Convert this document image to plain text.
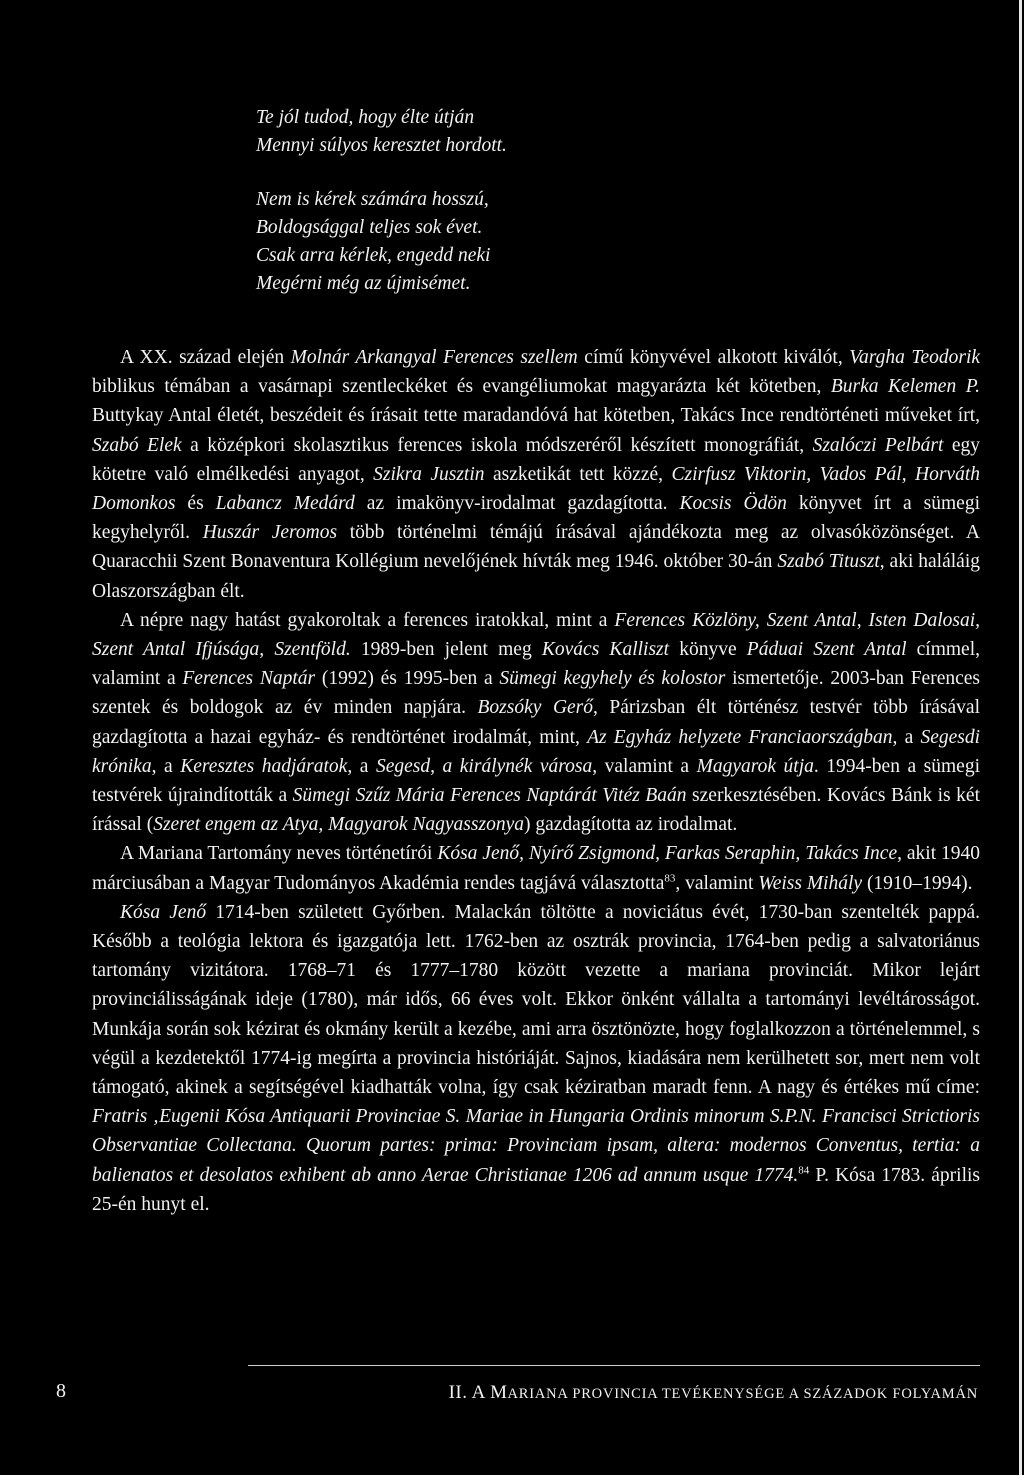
Te jól tudod, hogy élte útján
Mennyi súlyos keresztet hordott.
Nem is kérek számára hosszú,
Boldogsággal teljes sok évet.
Csak arra kérlek, engedd neki
Megérni még az újmisémet.

A XX. század elején Molnár Arkangyal Ferences szellem című könyvével alkotott kiválót, Vargha Teodorik biblikus témában a vasárnapi szentleckéket és evangéliumokat magyarázta két kötetben, Burka Kelemen P. Buttykay Antal életét, beszédeit és írásait tette maradandóvá hat kötetben, Takács Ince rendtörténeti műveket írt, Szabó Elek a középkori skolasztikus ferences iskola módszeréről készített monográfiát, Szalóczi Pelbárt egy kötetre való elmélkedési anyagot, Szikra Jusztin aszketikát tett közzé, Czirfusz Viktorin, Vados Pál, Horváth Domonkos és Labancz Medárd az imakönyv-irodalmat gazdagította. Kocsis Ödön könyvet írt a sümegi kegyhelyről. Huszár Jeromos több történelmi témájú írásával ajándékozta meg az olvasóközönséget. A Quaracchii Szent Bonaventura Kollégium nevelőjének hívták meg 1946. október 30-án Szabó Tituszt, aki haláláig Olaszországban élt.

A népre nagy hatást gyakoroltak a ferences iratokkal, mint a Ferences Közlöny, Szent Antal, Isten Dalosai, Szent Antal Ifjúsága, Szentföld. 1989-ben jelent meg Kovács Kalliszt könyve Páduai Szent Antal címmel, valamint a Ferences Naptár (1992) és 1995-ben a Sümegi kegyhely és kolostor ismertetője. 2003-ban Ferences szentek és boldogok az év minden napjára. Bozsóky Gerő, Párizsban élt történész testvér több írásával gazdagította a hazai egyház- és rendtörténet irodalmát, mint, Az Egyház helyzete Franciaországban, a Segesdi krónika, a Keresztes hadjáratok, a Segesd, a királynék városa, valamint a Magyarok útja. 1994-ben a sümegi testvérek újraindították a Sümegi Szűz Mária Ferences Naptárát Vitéz Baán szerkesztésében. Kovács Bánk is két írással (Szeret engem az Atya, Magyarok Nagyasszonya) gazdagította az irodalmat.

A Mariana Tartomány neves történetírói Kósa Jenő, Nyírő Zsigmond, Farkas Seraphin, Takács Ince, akit 1940 márciusában a Magyar Tudományos Akadémia rendes tagjává választotta$^{83}$, valamint Weiss Mihály (1910–1994).

Kósa Jenő 1714-ben született Győrben. Malackán töltötte a noviciátus évét, 1730-ban szentelték pappá. Később a teológia lektora és igazgatója lett. 1762-ben az osztrák provincia, 1764-ben pedig a salvatoriánus tartomány vizitátora. 1768–71 és 1777–1780 között vezette a mariana provinciát. Mikor lejárt provinciálisságának ideje (1780), már idős, 66 éves volt. Ekkor önként vállalta a tartományi levéltárosságot. Munkája során sok kézirat és okmány került a kezébe, ami arra ösztönözte, hogy foglalkozzon a történelemmel, s végül a kezdetektől 1774-ig megírta a provincia históriáját. Sajnos, kiadására nem kerülhetett sor, mert nem volt támogató, akinek a segítségével kiadhatták volna, így csak kéziratban maradt fenn. A nagy és értékes mű címe: Fratris ‚Eugenii Kósa Antiquarii Provinciae S. Mariae in Hungaria Ordinis minorum S.P.N. Francisci Strictioris Observantiae Collectana. Quorum partes: prima: Provinciam ipsam, altera: modernos Conventus, tertia: a balienatos et desolatos exhibent ab anno Aerae Christianae 1206 ad annum usque 1774.84 P. Kósa 1783. április 25-én hunyt el.

8	II. A MARIANA PROVINCIA TEVÉKENYSÉGE A SZÁZADOK FOLYAMÁN
